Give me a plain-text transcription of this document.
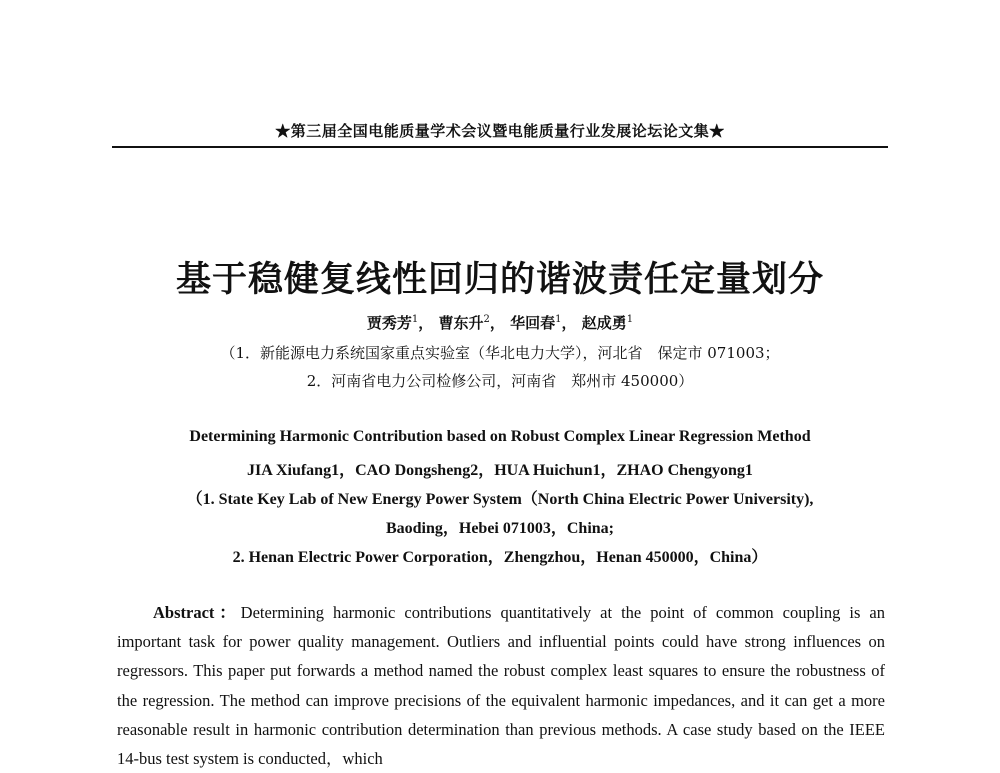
★第三届全国电能质量学术会议暨电能质量行业发展论坛论文集★
基于稳健复线性回归的谐波责任定量划分
贾秀芳$^1$， 曹东升$^2$， 华回春$^1$， 赵成勇$^1$
（1．新能源电力系统国家重点实验室（华北电力大学），河北省　保定市 071003；
2．河南省电力公司检修公司，河南省　郑州市 450000）
Determining Harmonic Contribution based on Robust Complex Linear Regression Method
JIA Xiufang1，CAO Dongsheng2，HUA Huichun1，ZHAO Chengyong1
（1. State Key Lab of New Energy Power System（North China Electric Power University),
Baoding，Hebei 071003，China;
2. Henan Electric Power Corporation，Zhengzhou，Henan 450000，China）
Abstract：Determining harmonic contributions quantitatively at the point of common coupling is an important task for power quality management. Outliers and influential points could have strong influences on regressors. This paper put forwards a method named the robust complex least squares to ensure the robustness of the regression. The method can improve precisions of the equivalent harmonic impedances, and it can get a more reasonable result in harmonic contribution determination than previous methods. A case study based on the IEEE 14-bus test system is conducted，which
